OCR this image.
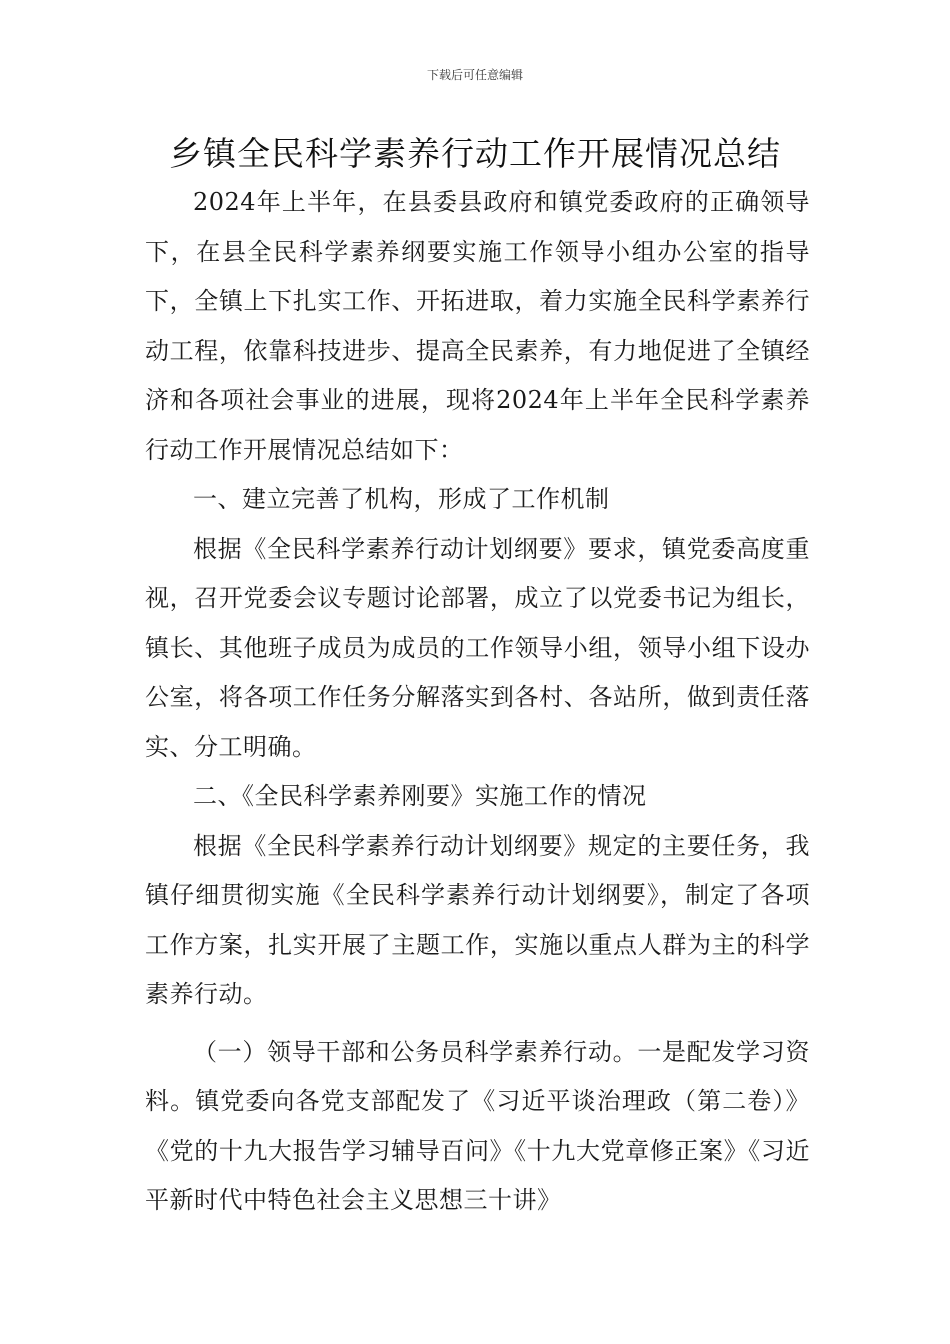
下载后可任意编辑
乡镇全民科学素养行动工作开展情况总结

2024年上半年，在县委县政府和镇党委政府的正确领导下，在县全民科学素养纲要实施工作领导小组办公室的指导下，全镇上下扎实工作、开拓进取，着力实施全民科学素养行动工程，依靠科技进步、提高全民素养，有力地促进了全镇经济和各项社会事业的进展，现将2024年上半年全民科学素养行动工作开展情况总结如下：

一、建立完善了机构，形成了工作机制

根据《全民科学素养行动计划纲要》要求，镇党委高度重视，召开党委会议专题讨论部署，成立了以党委书记为组长，镇长、其他班子成员为成员的工作领导小组，领导小组下设办公室，将各项工作任务分解落实到各村、各站所，做到责任落实、分工明确。

二、《全民科学素养刚要》实施工作的情况

根据《全民科学素养行动计划纲要》规定的主要任务，我镇仔细贯彻实施《全民科学素养行动计划纲要》，制定了各项工作方案，扎实开展了主题工作，实施以重点人群为主的科学素养行动。

（一）领导干部和公务员科学素养行动。一是配发学习资料。镇党委向各党支部配发了《习近平谈治理政（第二卷）》《党的十九大报告学习辅导百问》《十九大党章修正案》《习近平新时代中特色社会主义思想三十讲》
